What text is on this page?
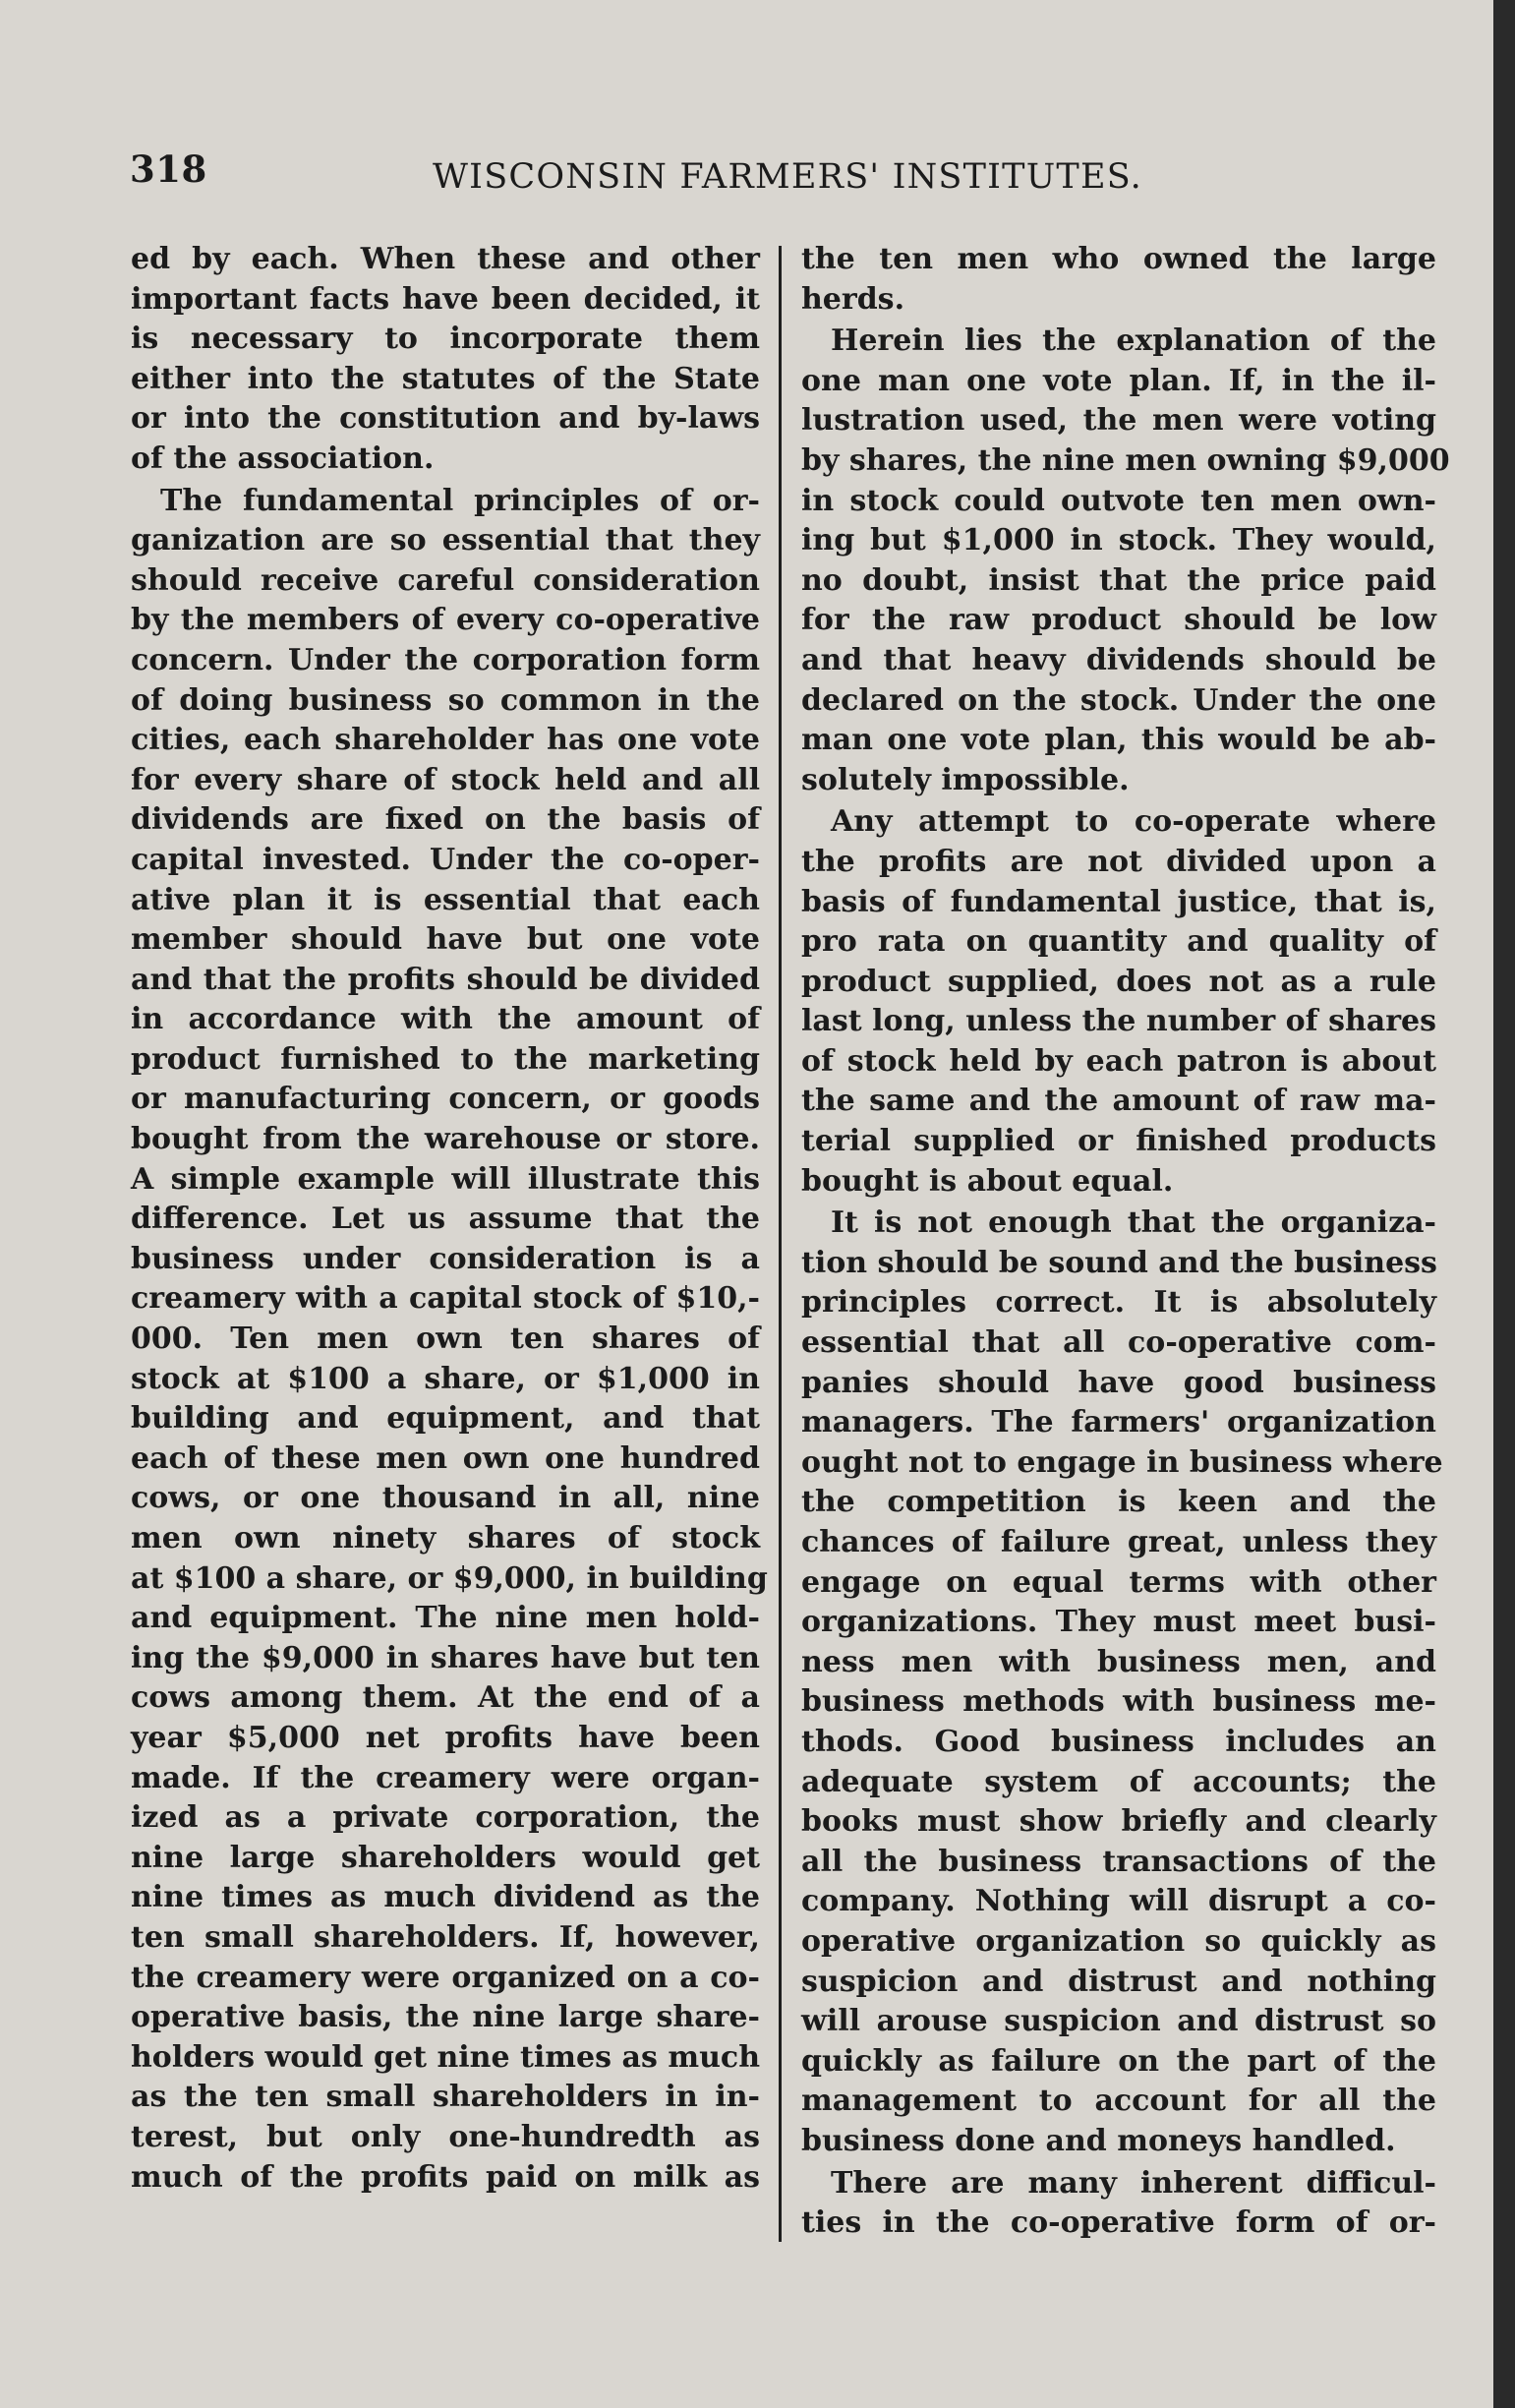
318	WISCONSIN FARMERS' INSTITUTES.
ed by each. When these and other
important facts have been decided, it
is necessary to incorporate them
either into the statutes of the State
or into the constitution and by-laws
of the association.
The fundamental principles of or-
ganization are so essential that they
should receive careful consideration
by the members of every co-operative
concern. Under the corporation form
of doing business so common in the
cities, each shareholder has one vote
for every share of stock held and all
dividends are fixed on the basis of
capital invested. Under the co-oper-
ative plan it is essential that each
member should have but one vote
and that the profits should be divided
in accordance with the amount of
product furnished to the marketing
or manufacturing concern, or goods
bought from the warehouse or store.
A simple example will illustrate this
difference. Let us assume that the
business under consideration is a
creamery with a capital stock of $10,-
000. Ten men own ten shares of
stock at $100 a share, or $1,000 in
building and equipment, and that
each of these men own one hundred
cows, or one thousand in all, nine
men own ninety shares of stock
at $100 a share, or $9,000, in building
and equipment. The nine men hold-
ing the $9,000 in shares have but ten
cows among them. At the end of a
year $5,000 net profits have been
made. If the creamery were organ-
ized as a private corporation, the
nine large shareholders would get
nine times as much dividend as the
ten small shareholders. If, however,
the creamery were organized on a co-
operative basis, the nine large share-
holders would get nine times as much
as the ten small shareholders in in-
terest, but only one-hundredth as
much of the profits paid on milk as
the ten men who owned the large
herds.
Herein lies the explanation of the
one man one vote plan. If, in the il-
lustration used, the men were voting
by shares, the nine men owning $9,000
in stock could outvote ten men own-
ing but $1,000 in stock. They would,
no doubt, insist that the price paid
for the raw product should be low
and that heavy dividends should be
declared on the stock. Under the one
man one vote plan, this would be ab-
solutely impossible.
Any attempt to co-operate where
the profits are not divided upon a
basis of fundamental justice, that is,
pro rata on quantity and quality of
product supplied, does not as a rule
last long, unless the number of shares
of stock held by each patron is about
the same and the amount of raw ma-
terial supplied or finished products
bought is about equal.
It is not enough that the organiza-
tion should be sound and the business
principles correct. It is absolutely
essential that all co-operative com-
panies should have good business
managers. The farmers' organization
ought not to engage in business where
the competition is keen and the
chances of failure great, unless they
engage on equal terms with other
organizations. They must meet busi-
ness men with business men, and
business methods with business me-
thods. Good business includes an
adequate system of accounts; the
books must show briefly and clearly
all the business transactions of the
company. Nothing will disrupt a co-
operative organization so quickly as
suspicion and distrust and nothing
will arouse suspicion and distrust so
quickly as failure on the part of the
management to account for all the
business done and moneys handled.
There are many inherent difficul-
ties in the co-operative form of or-
